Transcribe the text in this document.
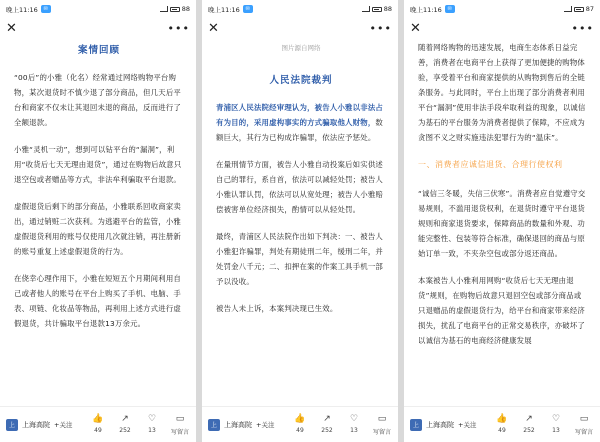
晚上11:16	✉	88
✕	•••
案情回顾

“00后”的小雅（化名）经常通过网络购物平台购物，某次退货时不慎少退了部分商品，但几天后平台和商家不仅未让其退回未退的商品，反而进行了全额退款。

小雅“灵机一动”，想到可以钻平台的“漏洞”，利用“收货后七天无理由退货”，通过在购物后故意只退空包或者赠品等方式，非法牟利骗取平台退款。

虚假退货后剩下的部分商品，小雅联系回收商家卖出，通过销赃二次获利。为逃避平台的监管，小雅虚假退货利用的账号仅使用几次就注销，再注册新的账号重复上述虚假退货的行为。

在侥幸心理作用下，小雅在短短五个月期间利用自己或者他人的账号在平台上购买了手机、电脑、手表、项链、化妆品等物品，再利用上述方式进行虚假退货，共计骗取平台退款13万余元。

上	上海高院 +关注
👍
49
↗
252
♡
13
▭
写留言
晚上11:16	✉	88
✕	•••
图片源自网络
人民法院裁判

青浦区人民法院经审理认为，被告人小雅以非法占有为目的，采用虚构事实的方式骗取他人财物，数额巨大，其行为已构成诈骗罪，依法应予惩处。

在量刑情节方面，被告人小雅自动投案后如实供述自己的罪行，系自首，依法可以减轻处罚；被告人小雅认罪认罚，依法可以从宽处理；被告人小雅赔偿被害单位经济损失，酌情可以从轻处罚。

最终，青浦区人民法院作出如下判决：一、被告人小雅犯诈骗罪，判处有期徒刑二年，缓刑二年，并处罚金八千元；二、扣押在案的作案工具手机一部予以没收。

被告人未上诉，本案判决现已生效。

上	上海高院 +关注
👍
49
↗
252
♡
13
▭
写留言
晚上11:16	✉	87
✕	•••

随着网络购物的迅速发展，电商生态体系日益完善，消费者在电商平台上获得了更加便捷的购物体验，享受着平台和商家提供的从购物到售后的全链条服务。与此同时，平台上出现了部分消费者利用平台“漏洞”使用非法手段牟取利益的现象，以诚信为基石的平台服务为消费者提供了保障，不应成为贪图不义之财实施违法犯罪行为的“温床”。

一、消费者应诚信退货、合理行使权利

“诚信三冬暖，失信三伏寒”。消费者应自觉遵守交易规则，不滥用退货权利，在退货时遵守平台退货规则和商家退货要求，保障商品的数量和外观、功能完整性、包装等符合标准，确保退回的商品与原始订单一致，不夹杂空包或部分返还商品。

本案被告人小雅利用网购“收货后七天无理由退货”规则，在购物后故意只退回空包或部分商品或只退赠品的虚假退货行为，给平台和商家带来经济损失，扰乱了电商平台的正常交易秩序，亦破坏了以诚信为基石的电商经济健康发展

上	上海高院 +关注
👍
49
↗
252
♡
13
▭
写留言
